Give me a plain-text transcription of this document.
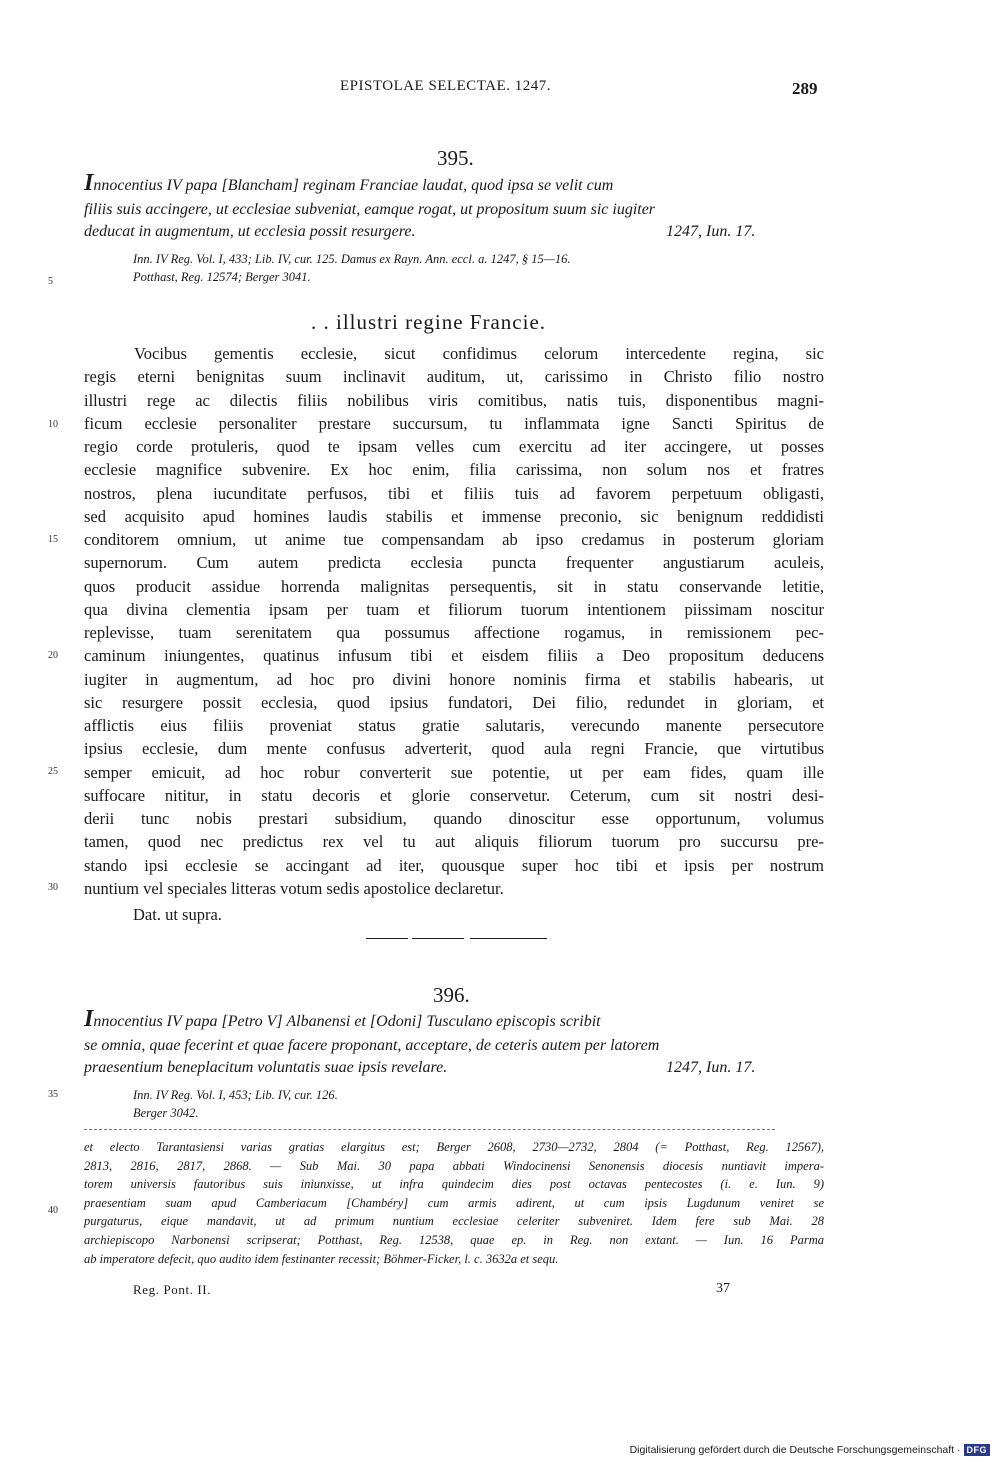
EPISTOLAE SELECTAE. 1247.	289
395.
Innocentius IV papa [Blancham] reginam Franciae laudat, quod ipsa se velit cum
filiis suis accingere, ut ecclesiae subveniat, eamque rogat, ut propositum suum sic iugiter
deducat in augmentum, ut ecclesia possit resurgere.	1247, Iun. 17.
Inn. IV Reg. Vol. I, 433; Lib. IV, cur. 125. Damus ex Rayn. Ann. eccl. a. 1247, § 15—16.
Potthast, Reg. 12574; Berger 3041.
. . illustri regine Francie.
Vocibus gementis ecclesie, sicut confidimus celorum intercedente regina, sic
regis eterni benignitas suum inclinavit auditum, ut, carissimo in Christo filio nostro
illustri rege ac dilectis filiis nobilibus viris comitibus, natis tuis, disponentibus magni-
ficum ecclesie personaliter prestare succursum, tu inflammata igne Sancti Spiritus de
regio corde protuleris, quod te ipsam velles cum exercitu ad iter accingere, ut posses
ecclesie magnifice subvenire. Ex hoc enim, filia carissima, non solum nos et fratres
nostros, plena iucunditate perfusos, tibi et filiis tuis ad favorem perpetuum obligasti,
sed acquisito apud homines laudis stabilis et immense preconio, sic benignum reddidisti
conditorem omnium, ut anime tue compensandam ab ipso credamus in posterum gloriam
supernorum. Cum autem predicta ecclesia puncta frequenter angustiarum aculeis,
quos producit assidue horrenda malignitas persequentis, sit in statu conservande letitie,
qua divina clementia ipsam per tuam et filiorum tuorum intentionem piissimam noscitur
replevisse, tuam serenitatem qua possumus affectione rogamus, in remissionem pec-
caminum iniungentes, quatinus infusum tibi et eisdem filiis a Deo propositum deducens
iugiter in augmentum, ad hoc pro divini honore nominis firma et stabilis habearis, ut
sic resurgere possit ecclesia, quod ipsius fundatori, Dei filio, redundet in gloriam, et
afflictis eius filiis proveniat status gratie salutaris, verecundo manente persecutore
ipsius ecclesie, dum mente confusus adverterit, quod aula regni Francie, que virtutibus
semper emicuit, ad hoc robur converterit sue potentie, ut per eam fides, quam ille
suffocare nititur, in statu decoris et glorie conservetur. Ceterum, cum sit nostri desi-
derii tunc nobis prestari subsidium, quando dinoscitur esse opportunum, volumus
tamen, quod nec predictus rex vel tu aut aliquis filiorum tuorum pro succursu pre-
stando ipsi ecclesie se accingant ad iter, quousque super hoc tibi et ipsis per nostrum
nuntium vel speciales litteras votum sedis apostolice declaretur.
Dat. ut supra.
396.
Innocentius IV papa [Petro V] Albanensi et [Odoni] Tusculano episcopis scribit
se omnia, quae fecerint et quae facere proponant, acceptare, de ceteris autem per latorem
praesentium beneplacitum voluntatis suae ipsis revelare.	1247, Iun. 17.
Inn. IV Reg. Vol. I, 453; Lib. IV, cur. 126.
Berger 3042.
et electo Tarantasiensi varias gratias elargitus est; Berger 2608, 2730—2732, 2804 (= Potthast, Reg. 12567),
2813, 2816, 2817, 2868. — Sub Mai. 30 papa abbati Windocinensi Senonensis diocesis nuntiavit impera-
torem universis fautoribus suis iniunxisse, ut infra quindecim dies post octavas pentecostes (i. e. Iun. 9)
praesentiam suam apud Camberiacum [Chambéry] cum armis adirent, ut cum ipsis Lugdunum veniret se
purgaturus, eique mandavit, ut ad primum nuntium ecclesiae celeriter subveniret. Idem fere sub Mai. 28
archiepiscopo Narbonensi scripserat; Potthast, Reg. 12538, quae ep. in Reg. non extant. — Iun. 16 Parma
ab imperatore defecit, quo audito idem festinanter recessit; Böhmer-Ficker, l. c. 3632a et sequ.
5
10
15
20
25
30
35
40
Reg. Pont. II.	37
Digitalisierung gefördert durch die Deutsche Forschungsgemeinschaft · DFG
